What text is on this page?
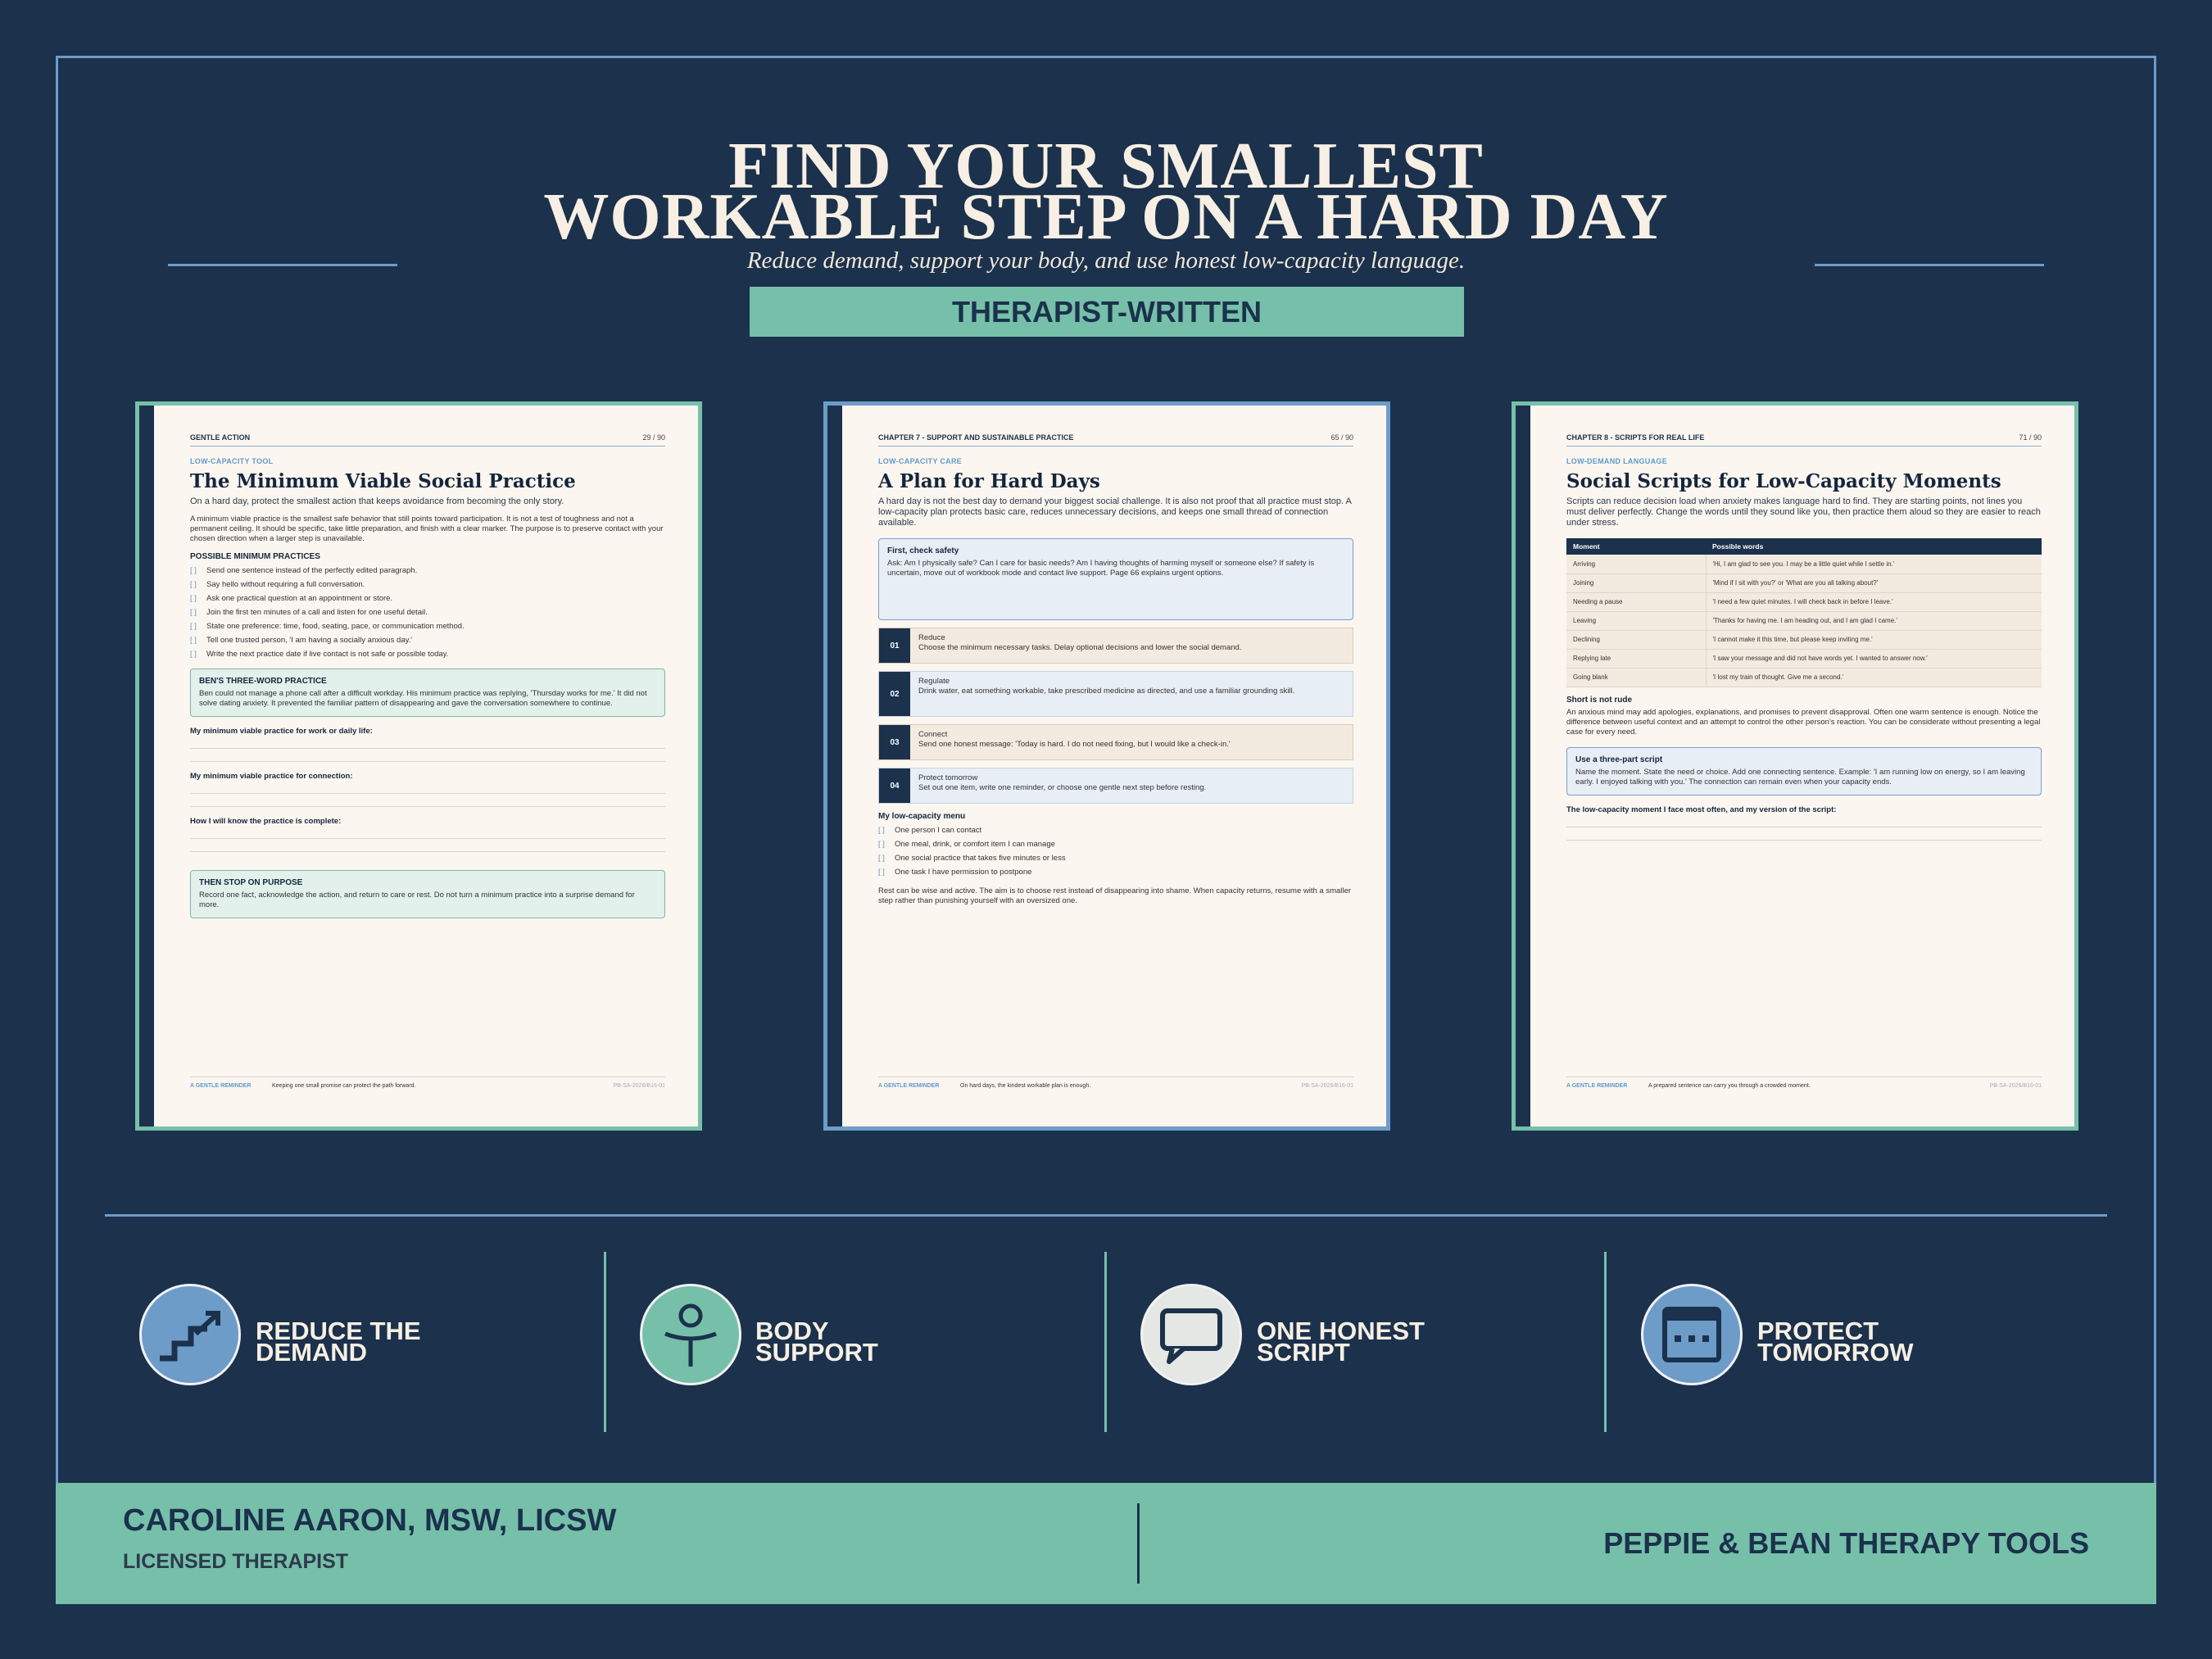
FIND YOUR SMALLEST
WORKABLE STEP ON A HARD DAY
Reduce demand, support your body, and use honest low-capacity language.
THERAPIST-WRITTEN
GENTLE ACTION	29 / 90
LOW-CAPACITY TOOL
The Minimum Viable Social Practice
On a hard day, protect the smallest action that keeps avoidance from becoming the only story.
A minimum viable practice is the smallest safe behavior that still points toward participation. It is not a test of toughness and not a permanent ceiling. It should be specific, take little preparation, and finish with a clear marker. The purpose is to preserve contact with your chosen direction when a larger step is unavailable.
POSSIBLE MINIMUM PRACTICES
[ ]	Send one sentence instead of the perfectly edited paragraph.
[ ]	Say hello without requiring a full conversation.
[ ]	Ask one practical question at an appointment or store.
[ ]	Join the first ten minutes of a call and listen for one useful detail.
[ ]	State one preference: time, food, seating, pace, or communication method.
[ ]	Tell one trusted person, 'I am having a socially anxious day.'
[ ]	Write the next practice date if live contact is not safe or possible today.
BEN'S THREE-WORD PRACTICE
Ben could not manage a phone call after a difficult workday. His minimum practice was replying, 'Thursday works for me.' It did not solve dating anxiety. It prevented the familiar pattern of disappearing and gave the conversation somewhere to continue.
My minimum viable practice for work or daily life:
My minimum viable practice for connection:
How I will know the practice is complete:
THEN STOP ON PURPOSE
Record one fact, acknowledge the action, and return to care or rest. Do not turn a minimum practice into a surprise demand for more.
A GENTLE REMINDER	Keeping one small promise can protect the path forward.	PB-SA-2026/B16-01
CHAPTER 7 - SUPPORT AND SUSTAINABLE PRACTICE	65 / 90
LOW-CAPACITY CARE
A Plan for Hard Days
A hard day is not the best day to demand your biggest social challenge. It is also not proof that all practice must stop. A low-capacity plan protects basic care, reduces unnecessary decisions, and keeps one small thread of connection available.
First, check safety
Ask: Am I physically safe? Can I care for basic needs? Am I having thoughts of harming myself or someone else? If safety is uncertain, move out of workbook mode and contact live support. Page 66 explains urgent options.
01
Reduce
Choose the minimum necessary tasks. Delay optional decisions and lower the social demand.
02
Regulate
Drink water, eat something workable, take prescribed medicine as directed, and use a familiar grounding skill.
03
Connect
Send one honest message: 'Today is hard. I do not need fixing, but I would like a check-in.'
04
Protect tomorrow
Set out one item, write one reminder, or choose one gentle next step before resting.
My low-capacity menu
[ ]	One person I can contact
[ ]	One meal, drink, or comfort item I can manage
[ ]	One social practice that takes five minutes or less
[ ]	One task I have permission to postpone
Rest can be wise and active. The aim is to choose rest instead of disappearing into shame. When capacity returns, resume with a smaller step rather than punishing yourself with an oversized one.
A GENTLE REMINDER	On hard days, the kindest workable plan is enough.	PB-SA-2026/B16-01
CHAPTER 8 - SCRIPTS FOR REAL LIFE	71 / 90
LOW-DEMAND LANGUAGE
Social Scripts for Low-Capacity Moments
Scripts can reduce decision load when anxiety makes language hard to find. They are starting points, not lines you must deliver perfectly. Change the words until they sound like you, then practice them aloud so they are easier to reach under stress.
Moment	Possible words
Arriving	'Hi, I am glad to see you. I may be a little quiet while I settle in.'
Joining	'Mind if I sit with you?' or 'What are you all talking about?'
Needing a pause	'I need a few quiet minutes. I will check back in before I leave.'
Leaving	'Thanks for having me. I am heading out, and I am glad I came.'
Declining	'I cannot make it this time, but please keep inviting me.'
Replying late	'I saw your message and did not have words yet. I wanted to answer now.'
Going blank	'I lost my train of thought. Give me a second.'
Short is not rude
An anxious mind may add apologies, explanations, and promises to prevent disapproval. Often one warm sentence is enough. Notice the difference between useful context and an attempt to control the other person's reaction. You can be considerate without presenting a legal case for every need.
Use a three-part script
Name the moment. State the need or choice. Add one connecting sentence. Example: 'I am running low on energy, so I am leaving early. I enjoyed talking with you.' The connection can remain even when your capacity ends.
The low-capacity moment I face most often, and my version of the script:
A GENTLE REMINDER	A prepared sentence can carry you through a crowded moment.	PB-SA-2026/B16-01
REDUCE THE
DEMAND
BODY
SUPPORT
ONE HONEST
SCRIPT
PROTECT
TOMORROW
CAROLINE AARON, MSW, LICSW
LICENSED THERAPIST
PEPPIE & BEAN THERAPY TOOLS
